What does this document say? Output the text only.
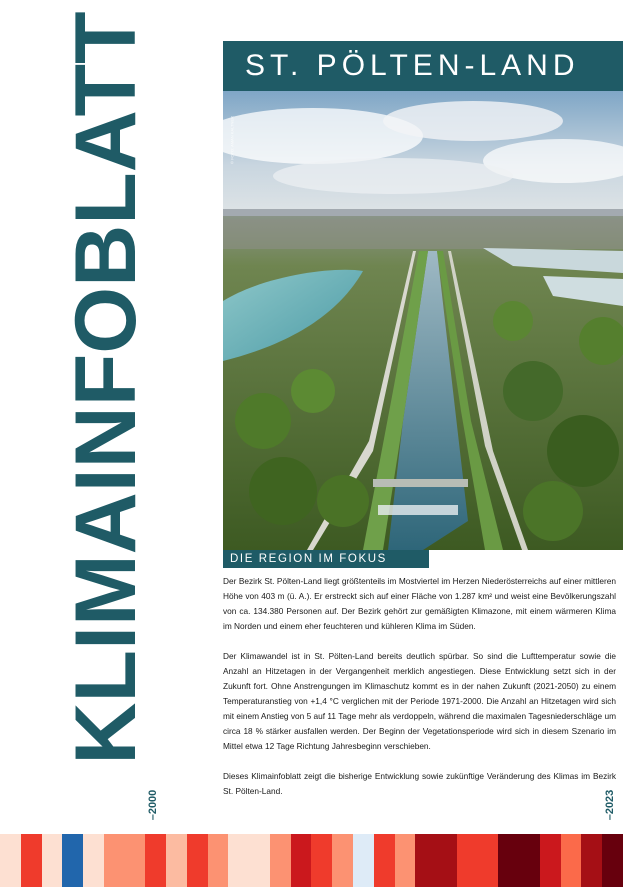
KLIMAINFOBLATT	ST. PÖLTEN-LAND
© FOTO: AMAN KALTNER
DIE REGION IM FOKUS

Der Bezirk St. Pölten-Land liegt größtenteils im Mostviertel im Herzen Niederösterreichs auf einer mittleren Höhe von 403 m (ü. A.). Er erstreckt sich auf einer Fläche von 1.287 km² und weist eine Bevölkerungszahl von ca. 134.380 Personen auf. Der Bezirk gehört zur gemäßigten Klimazone, mit einem wärmeren Klima im Norden und einem eher feuchteren und kühleren Klima im Süden.

Der Klimawandel ist in St. Pölten-Land bereits deutlich spürbar. So sind die Lufttemperatur sowie die Anzahl an Hitzetagen in der Vergangenheit merklich angestiegen. Diese Entwicklung setzt sich in der Zukunft fort. Ohne Anstrengungen im Klimaschutz kommt es in der nahen Zukunft (2021-2050) zu einem Temperaturanstieg von +1,4 °C verglichen mit der Periode 1971-2000. Die Anzahl an Hitzetagen wird sich mit einem Anstieg von 5 auf 11 Tage mehr als verdoppeln, während die maximalen Tagesniederschläge um circa 18 % stärker ausfallen werden. Der Beginn der Vegetationsperiode wird sich in diesem Szenario im Mittel etwa 12 Tage Richtung Jahresbeginn verschieben.

Dieses Klimainfoblatt zeigt die bisherige Entwicklung sowie zukünftige Veränderung des Klimas im Bezirk St. Pölten-Land.

–2000	–2023
